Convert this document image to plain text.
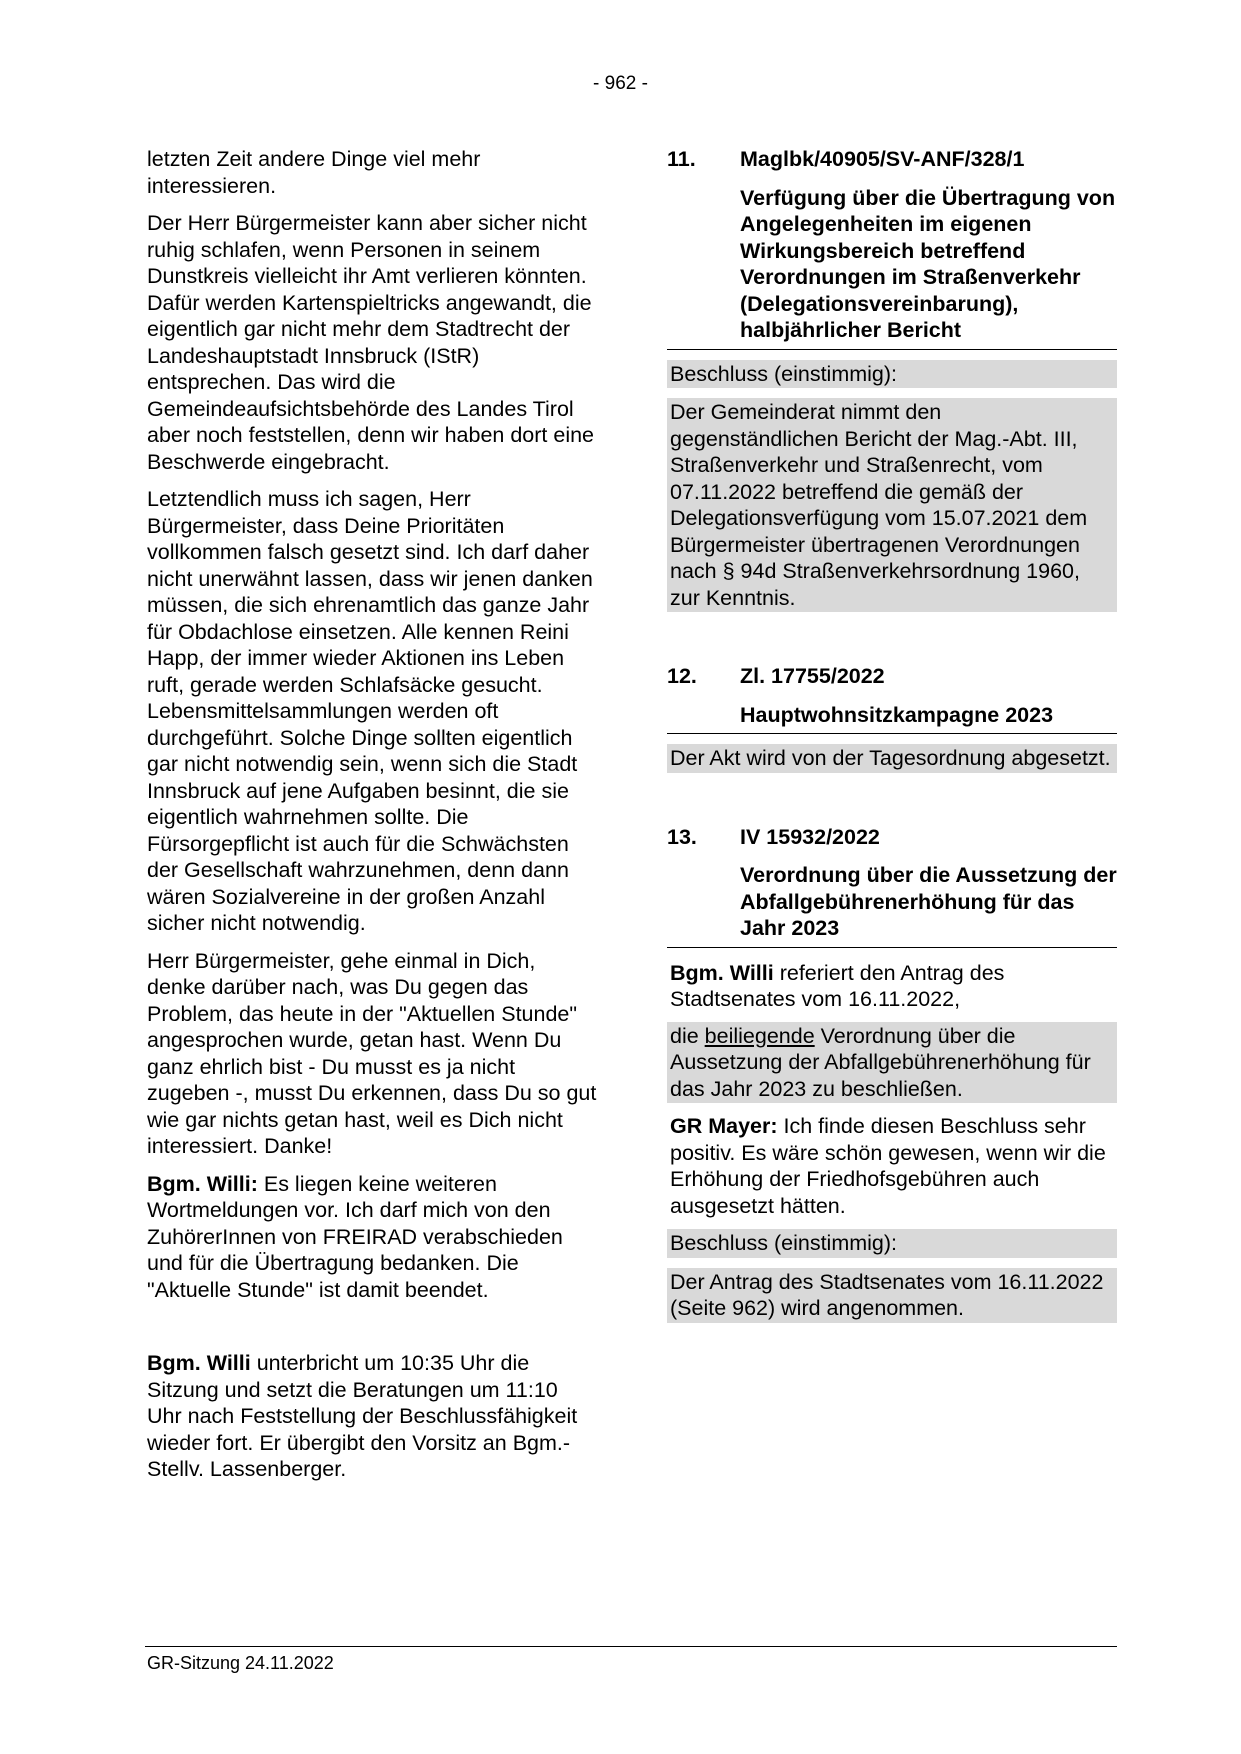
- 962 -

letzten Zeit andere Dinge viel mehr interessieren.

Der Herr Bürgermeister kann aber sicher nicht ruhig schlafen, wenn Personen in seinem Dunstkreis vielleicht ihr Amt verlieren könnten. Dafür werden Kartenspieltricks angewandt, die eigentlich gar nicht mehr dem Stadtrecht der Landeshauptstadt Innsbruck (IStR) entsprechen. Das wird die Gemeindeaufsichtsbehörde des Landes Tirol aber noch feststellen, denn wir haben dort eine Beschwerde eingebracht.

Letztendlich muss ich sagen, Herr Bürgermeister, dass Deine Prioritäten vollkommen falsch gesetzt sind. Ich darf daher nicht unerwähnt lassen, dass wir jenen danken müssen, die sich ehrenamtlich das ganze Jahr für Obdachlose einsetzen. Alle kennen Reini Happ, der immer wieder Aktionen ins Leben ruft, gerade werden Schlafsäcke gesucht. Lebensmittelsammlungen werden oft durchgeführt. Solche Dinge sollten eigentlich gar nicht notwendig sein, wenn sich die Stadt Innsbruck auf jene Aufgaben besinnt, die sie eigentlich wahrnehmen sollte. Die Fürsorgepflicht ist auch für die Schwächsten der Gesellschaft wahrzunehmen, denn dann wären Sozialvereine in der großen Anzahl sicher nicht notwendig.

Herr Bürgermeister, gehe einmal in Dich, denke darüber nach, was Du gegen das Problem, das heute in der "Aktuellen Stunde" angesprochen wurde, getan hast. Wenn Du ganz ehrlich bist - Du musst es ja nicht zugeben -, musst Du erkennen, dass Du so gut wie gar nichts getan hast, weil es Dich nicht interessiert. Danke!

Bgm. Willi: Es liegen keine weiteren Wortmeldungen vor. Ich darf mich von den ZuhörerInnen von FREIRAD verabschieden und für die Übertragung bedanken. Die "Aktuelle Stunde" ist damit beendet.

Bgm. Willi unterbricht um 10:35 Uhr die Sitzung und setzt die Beratungen um 11:10 Uhr nach Feststellung der Beschlussfähigkeit wieder fort. Er übergibt den Vorsitz an Bgm.-Stellv. Lassenberger.

11.	Maglbk/40905/SV-ANF/328/1
Verfügung über die Übertragung von Angelegenheiten im eigenen Wirkungsbereich betreffend Verordnungen im Straßenverkehr (Delegationsvereinbarung), halbjährlicher Bericht
Beschluss (einstimmig):
Der Gemeinderat nimmt den gegenständlichen Bericht der Mag.-Abt. III, Straßenverkehr und Straßenrecht, vom 07.11.2022 betreffend die gemäß der Delegationsverfügung vom 15.07.2021 dem Bürgermeister übertragenen Verordnungen nach § 94d Straßenverkehrsordnung 1960, zur Kenntnis.
12.	Zl. 17755/2022
Hauptwohnsitzkampagne 2023
Der Akt wird von der Tagesordnung abgesetzt.
13.	IV 15932/2022
Verordnung über die Aussetzung der Abfallgebührenerhöhung für das Jahr 2023
Bgm. Willi referiert den Antrag des Stadtsenates vom 16.11.2022,
die beiliegende Verordnung über die Aussetzung der Abfallgebührenerhöhung für das Jahr 2023 zu beschließen.
GR Mayer: Ich finde diesen Beschluss sehr positiv. Es wäre schön gewesen, wenn wir die Erhöhung der Friedhofsgebühren auch ausgesetzt hätten.
Beschluss (einstimmig):
Der Antrag des Stadtsenates vom 16.11.2022 (Seite 962) wird angenommen.
GR-Sitzung 24.11.2022
